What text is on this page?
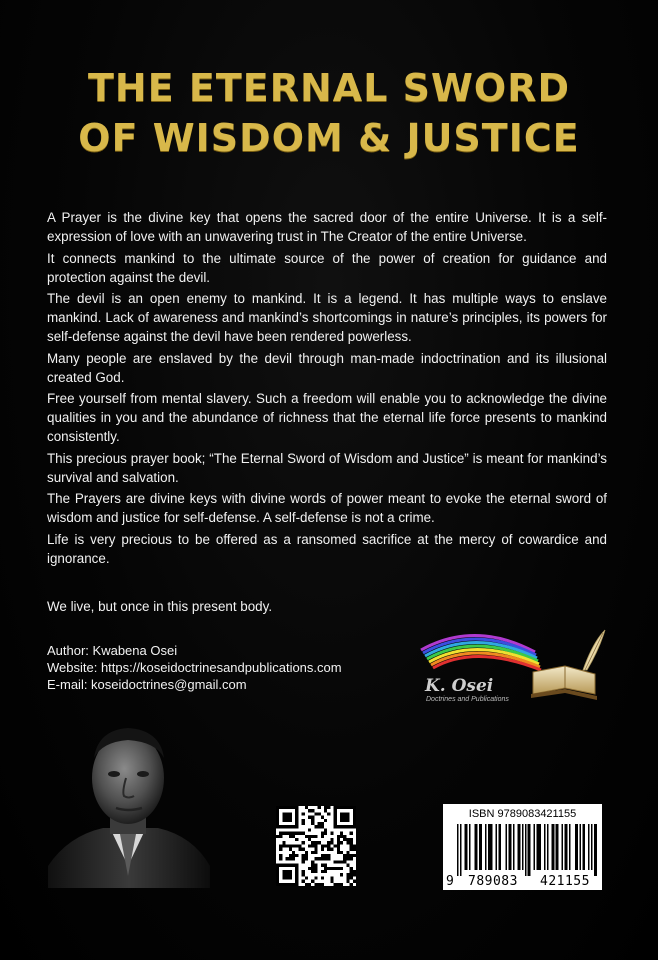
THE ETERNAL SWORD
OF WISDOM & JUSTICE

A Prayer is the divine key that opens the sacred door of the entire Universe. It is a self-expression of love with an unwavering trust in The Creator of the entire Universe.

It connects mankind to the ultimate source of the power of creation for guidance and protection against the devil.

The devil is an open enemy to mankind. It is a legend. It has multiple ways to enslave mankind. Lack of awareness and mankind’s shortcomings in nature’s principles, its powers for self-defense against the devil have been rendered powerless.

Many people are enslaved by the devil through man-made indoctrination and its illusional created God.

Free yourself from mental slavery. Such a freedom will enable you to acknowledge the divine qualities in you and the abundance of richness that the eternal life force presents to mankind consistently.

This precious prayer book; “The Eternal Sword of Wisdom and Justice” is meant for mankind’s survival and salvation.

The Prayers are divine keys with divine words of power meant to evoke the eternal sword of wisdom and justice for self-defense. A self-defense is not a crime.

Life is very precious to be offered as a ransomed sacrifice at the mercy of cowardice and ignorance.

We live, but once in this present body.
Author: Kwabena Osei
Website: https://koseidoctrinesandpublications.com
E-mail: koseidoctrines@gmail.com	K. Osei
Doctrines and Publications
ISBN 9789083421155
9 789083 421155
